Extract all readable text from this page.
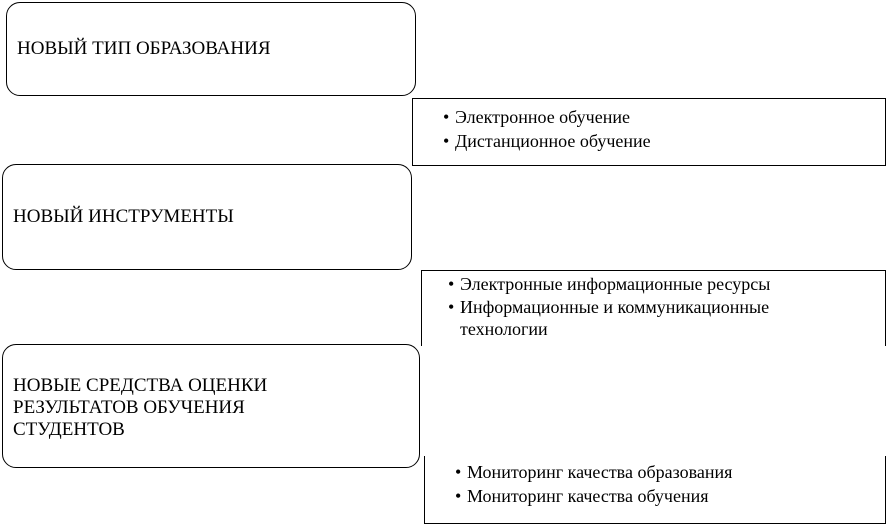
НОВЫЙ ТИП ОБРАЗОВАНИЯ
• Электронное обучение
• Дистанционное обучение
НОВЫЙ ИНСТРУМЕНТЫ
• Электронные информационные ресурсы
• Информационные и коммуникационные технологии
НОВЫЕ СРЕДСТВА ОЦЕНКИ
РЕЗУЛЬТАТОВ ОБУЧЕНИЯ
СТУДЕНТОВ
• Мониторинг качества образования
• Мониторинг качества обучения
